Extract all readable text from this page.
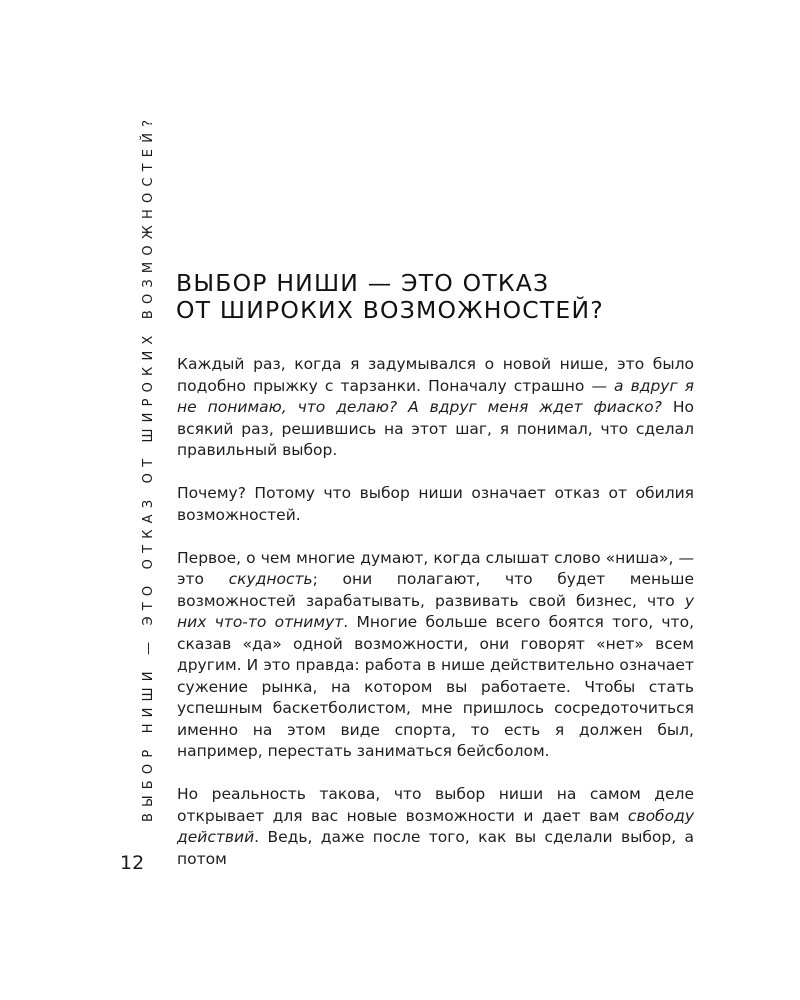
ВЫБОР НИШИ — ЭТО ОТКАЗ ОТ ШИРОКИХ ВОЗМОЖНОСТЕЙ?
12
ВЫБОР НИШИ — ЭТО ОТКАЗ
ОТ ШИРОКИХ ВОЗМОЖНОСТЕЙ?

Каждый раз, когда я задумывался о новой нише, это было подобно прыжку с тарзанки. Поначалу страшно — а вдруг я не понимаю, что делаю? А вдруг меня ждет фиаско? Но всякий раз, решившись на этот шаг, я понимал, что сделал правильный выбор.

Почему? Потому что выбор ниши означает отказ от обилия возможностей.

Первое, о чем многие думают, когда слышат слово «ниша», — это скудность; они полагают, что будет меньше возможностей зарабатывать, развивать свой бизнес, что у них что-то отнимут. Многие больше всего боятся того, что, сказав «да» одной возможности, они говорят «нет» всем другим. И это правда: работа в нише действительно означает сужение рынка, на котором вы работаете. Чтобы стать успешным баскетболистом, мне пришлось сосредоточиться именно на этом виде спорта, то есть я должен был, например, перестать заниматься бейсболом.

Но реальность такова, что выбор ниши на самом деле открывает для вас новые возможности и дает вам свободу действий. Ведь, даже после того, как вы сделали выбор, а потом
